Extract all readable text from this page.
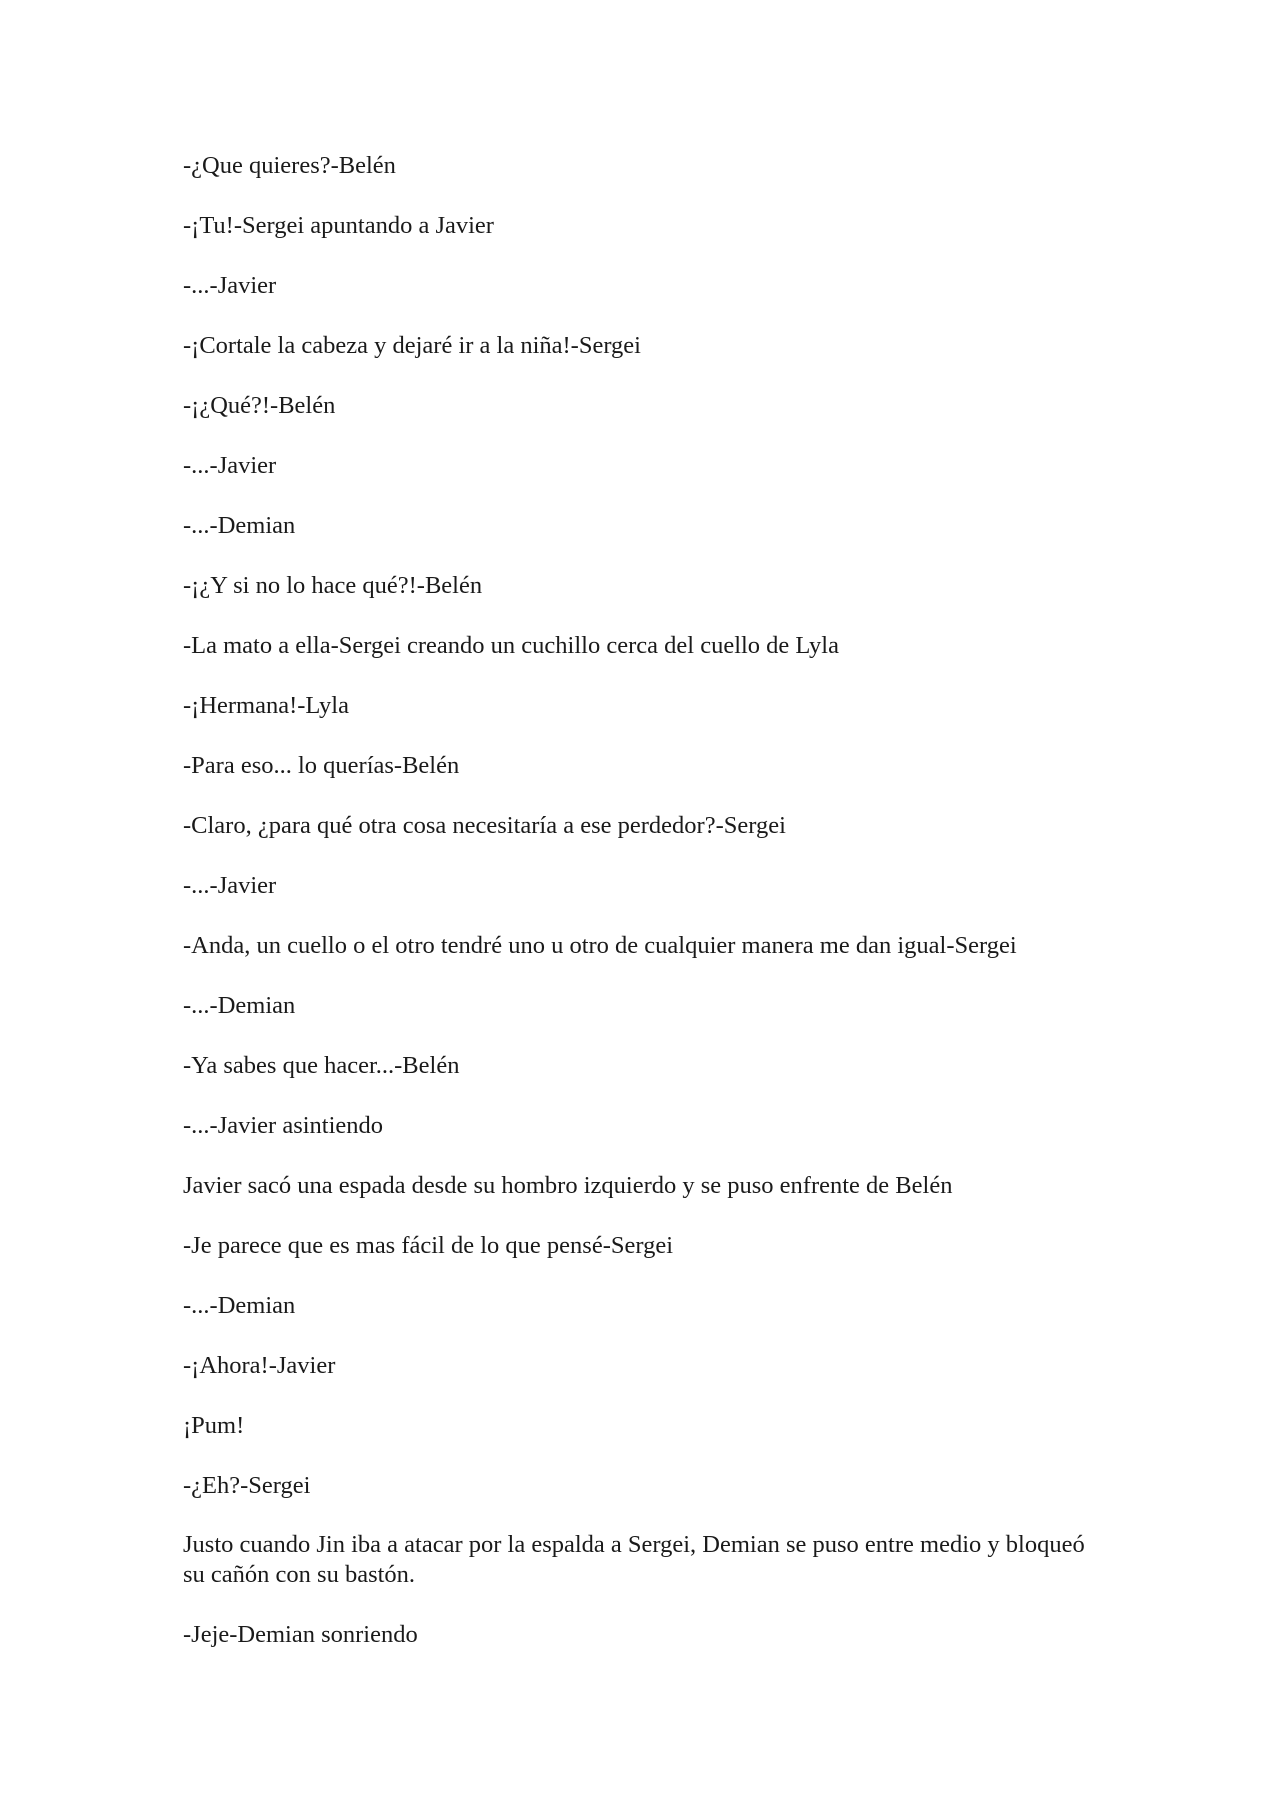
-¿Que quieres?-Belén

-¡Tu!-Sergei apuntando a Javier

-...-Javier

-¡Cortale la cabeza y dejaré ir a la niña!-Sergei

-¡¿Qué?!-Belén

-...-Javier

-...-Demian

-¡¿Y si no lo hace qué?!-Belén

-La mato a ella-Sergei creando un cuchillo cerca del cuello de Lyla

-¡Hermana!-Lyla

-Para eso... lo querías-Belén

-Claro, ¿para qué otra cosa necesitaría a ese perdedor?-Sergei

-...-Javier

-Anda, un cuello o el otro tendré uno u otro de cualquier manera me dan igual-Sergei

-...-Demian

-Ya sabes que hacer...-Belén

-...-Javier asintiendo

Javier sacó una espada desde su hombro izquierdo y se puso enfrente de Belén

-Je parece que es mas fácil de lo que pensé-Sergei

-...-Demian

-¡Ahora!-Javier

¡Pum!

-¿Eh?-Sergei

Justo cuando Jin iba a atacar por la espalda a Sergei, Demian se puso entre medio y bloqueó su cañón con su bastón.

-Jeje-Demian sonriendo
